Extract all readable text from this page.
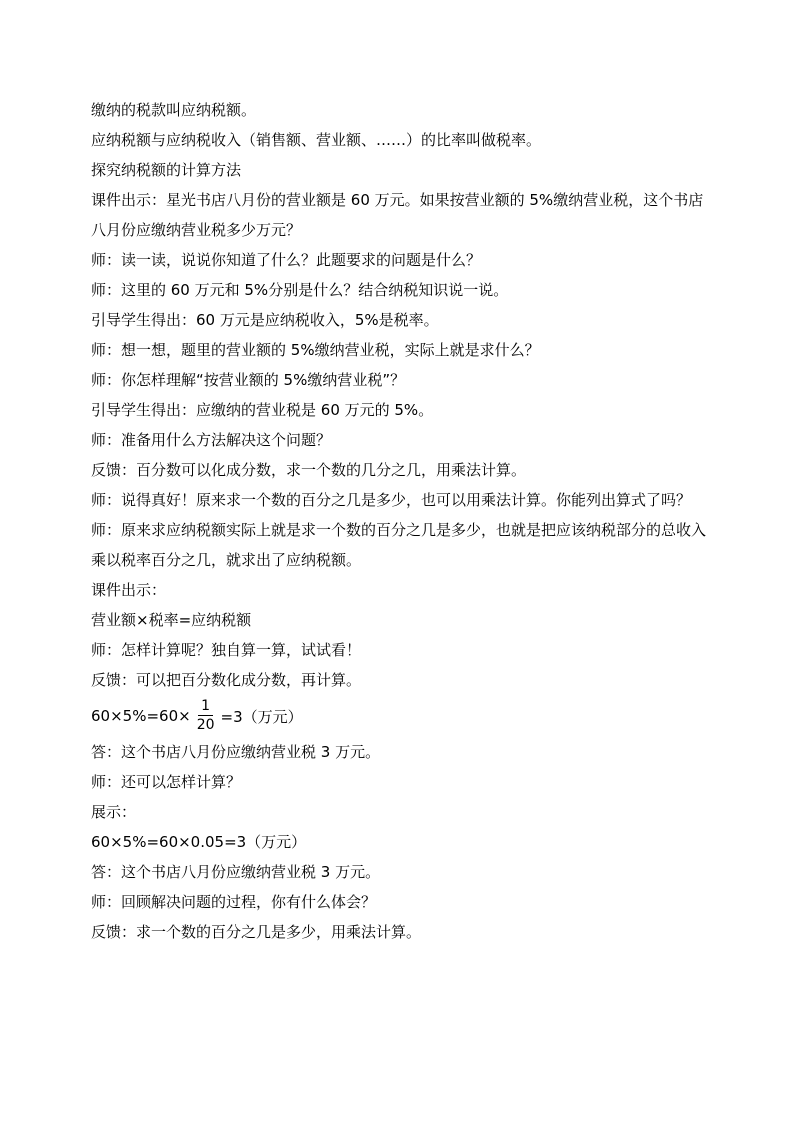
缴纳的税款叫应纳税额。
应纳税额与应纳税收入（销售额、营业额、……）的比率叫做税率。
探究纳税额的计算方法
课件出示：星光书店八月份的营业额是 60 万元。如果按营业额的 5%缴纳营业税，这个书店八月份应缴纳营业税多少万元？
师：读一读，说说你知道了什么？此题要求的问题是什么？
师：这里的 60 万元和 5%分别是什么？结合纳税知识说一说。
引导学生得出：60 万元是应纳税收入，5%是税率。
师：想一想，题里的营业额的 5%缴纳营业税，实际上就是求什么？
师：你怎样理解“按营业额的 5%缴纳营业税”？
引导学生得出：应缴纳的营业税是 60 万元的 5%。
师：准备用什么方法解决这个问题？
反馈：百分数可以化成分数，求一个数的几分之几，用乘法计算。
师：说得真好！原来求一个数的百分之几是多少，也可以用乘法计算。你能列出算式了吗？
师：原来求应纳税额实际上就是求一个数的百分之几是多少，也就是把应该纳税部分的总收入乘以税率百分之几，就求出了应纳税额。
课件出示：
营业额×税率=应纳税额
师：怎样计算呢？独自算一算，试试看！
反馈：可以把百分数化成分数，再计算。
$60\times 5\%=60\times \frac{1}{20} =3$（万元）
答：这个书店八月份应缴纳营业税 3 万元。
师：还可以怎样计算？
展示：
60×5%=60×0.05=3（万元）
答：这个书店八月份应缴纳营业税 3 万元。
师：回顾解决问题的过程，你有什么体会？
反馈：求一个数的百分之几是多少，用乘法计算。
